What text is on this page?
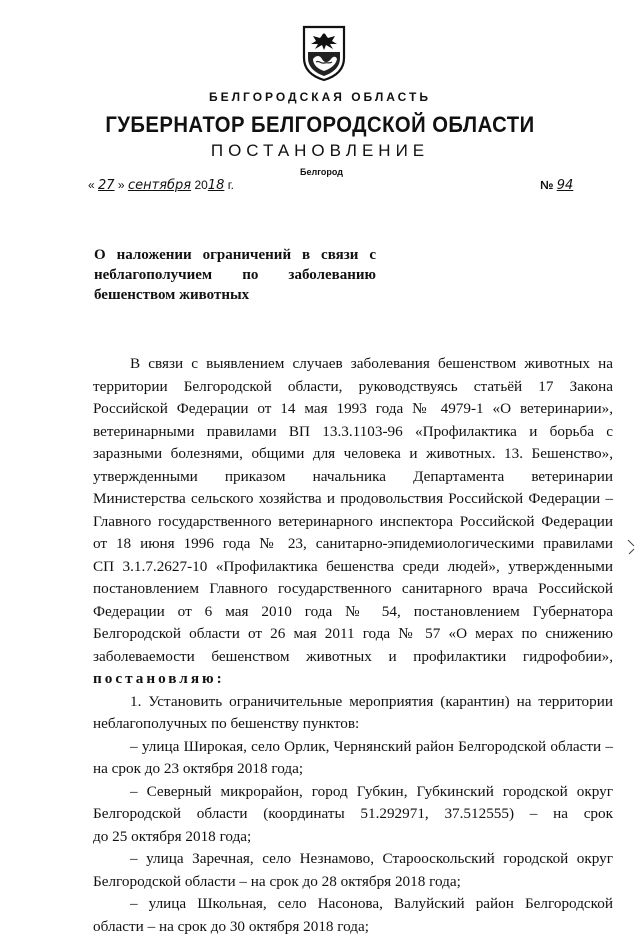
БЕЛГОРОДСКАЯ ОБЛАСТЬ
ГУБЕРНАТОР БЕЛГОРОДСКОЙ ОБЛАСТИ
ПОСТАНОВЛЕНИЕ
Белгород
« 27 » сентября 2018 г.	№ 94

О наложении ограничений в связи с
неблагополучием по заболеванию
бешенством животных

В связи с выявлением случаев заболевания бешенством животных на
территории Белгородской области, руководствуясь статьёй 17 Закона
Российской Федерации от 14 мая 1993 года № 4979-1 «О ветеринарии»,
ветеринарными правилами ВП 13.3.1103-96 «Профилактика и борьба с
заразными болезнями, общими для человека и животных. 13. Бешенство»,
утвержденными приказом начальника Департамента ветеринарии
Министерства сельского хозяйства и продовольствия Российской Федерации –
Главного государственного ветеринарного инспектора Российской Федерации
от 18 июня 1996 года № 23, санитарно-эпидемиологическими правилами
СП 3.1.7.2627-10 «Профилактика бешенства среди людей», утвержденными
постановлением Главного государственного санитарного врача Российской
Федерации от 6 мая 2010 года № 54, постановлением Губернатора
Белгородской области от 26 мая 2011 года № 57 «О мерах по снижению
заболеваемости бешенством животных и профилактики гидрофобии»,
постановляю:
1. Установить ограничительные мероприятия (карантин) на территории
неблагополучных по бешенству пунктов:
– улица Широкая, село Орлик, Чернянский район Белгородской области –
на срок до 23 октября 2018 года;
– Северный микрорайон, город Губкин, Губкинский городской округ
Белгородской области (координаты 51.292971, 37.512555) – на срок
до 25 октября 2018 года;
– улица Заречная, село Незнамово, Старооскольский городской округ
Белгородской области – на срок до 28 октября 2018 года;
– улица Школьная, село Насонова, Валуйский район Белгородской
области – на срок до 30 октября 2018 года;
